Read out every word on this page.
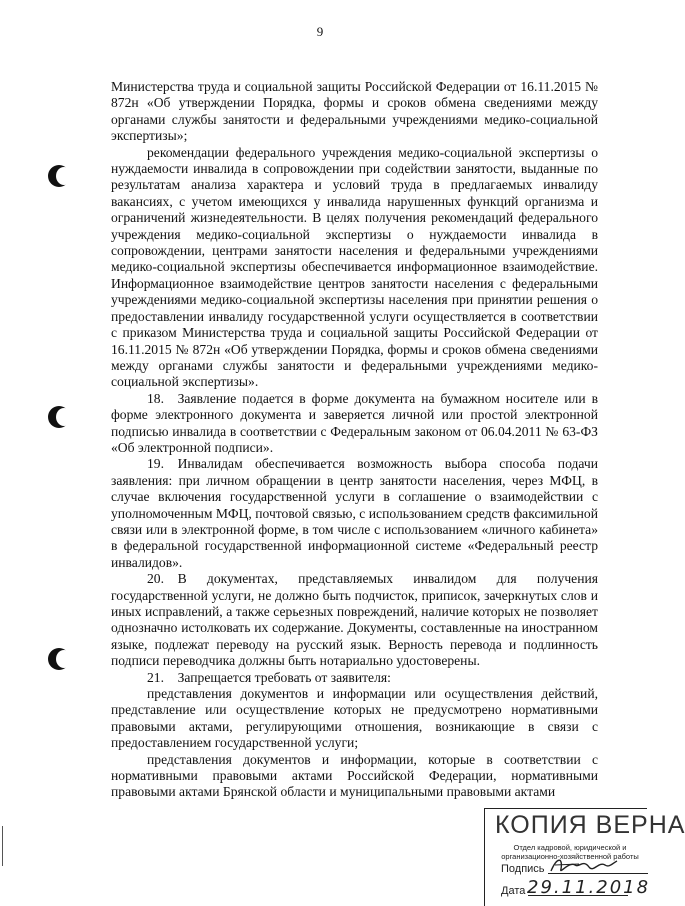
9

Министерства труда и социальной защиты Российской Федерации от 16.11.2015 № 872н «Об утверждении Порядка, формы и сроков обмена сведениями между органами службы занятости и федеральными учреждениями медико-социальной экспертизы»;

рекомендации федерального учреждения медико-социальной экспертизы о нуждаемости инвалида в сопровождении при содействии занятости, выданные по результатам анализа характера и условий труда в предлагаемых инвалиду вакансиях, с учетом имеющихся у инвалида нарушенных функций организма и ограничений жизнедеятельности. В целях получения рекомендаций федерального учреждения медико-социальной экспертизы о нуждаемости инвалида в сопровождении, центрами занятости населения и федеральными учреждениями медико-социальной экспертизы обеспечивается информационное взаимодействие. Информационное взаимодействие центров занятости населения с федеральными учреждениями медико-социальной экспертизы населения при принятии решения о предоставлении инвалиду государственной услуги осуществляется в соответствии с приказом Министерства труда и социальной защиты Российской Федерации от 16.11.2015 № 872н «Об утверждении Порядка, формы и сроков обмена сведениями между органами службы занятости и федеральными учреждениями медико-социальной экспертизы».

18. Заявление подается в форме документа на бумажном носителе или в форме электронного документа и заверяется личной или простой электронной подписью инвалида в соответствии с Федеральным законом от 06.04.2011 № 63-ФЗ «Об электронной подписи».

19. Инвалидам обеспечивается возможность выбора способа подачи заявления: при личном обращении в центр занятости населения, через МФЦ, в случае включения государственной услуги в соглашение о взаимодействии с уполномоченным МФЦ, почтовой связью, с использованием средств факсимильной связи или в электронной форме, в том числе с использованием «личного кабинета» в федеральной государственной информационной системе «Федеральный реестр инвалидов».

20. В документах, представляемых инвалидом для получения государственной услуги, не должно быть подчисток, приписок, зачеркнутых слов и иных исправлений, а также серьезных повреждений, наличие которых не позволяет однозначно истолковать их содержание. Документы, составленные на иностранном языке, подлежат переводу на русский язык. Верность перевода и подлинность подписи переводчика должны быть нотариально удостоверены.

21. Запрещается требовать от заявителя:

представления документов и информации или осуществления действий, представление или осуществление которых не предусмотрено нормативными правовыми актами, регулирующими отношения, возникающие в связи с предоставлением государственной услуги;

представления документов и информации, которые в соответствии с нормативными правовыми актами Российской Федерации, нормативными правовыми актами Брянской области и муниципальными правовыми актами

КОПИЯ ВЕРНА
Отдел кадровой, юридической и организационно-хозяйственной работы
Подпись
Дата 29.11.2018
